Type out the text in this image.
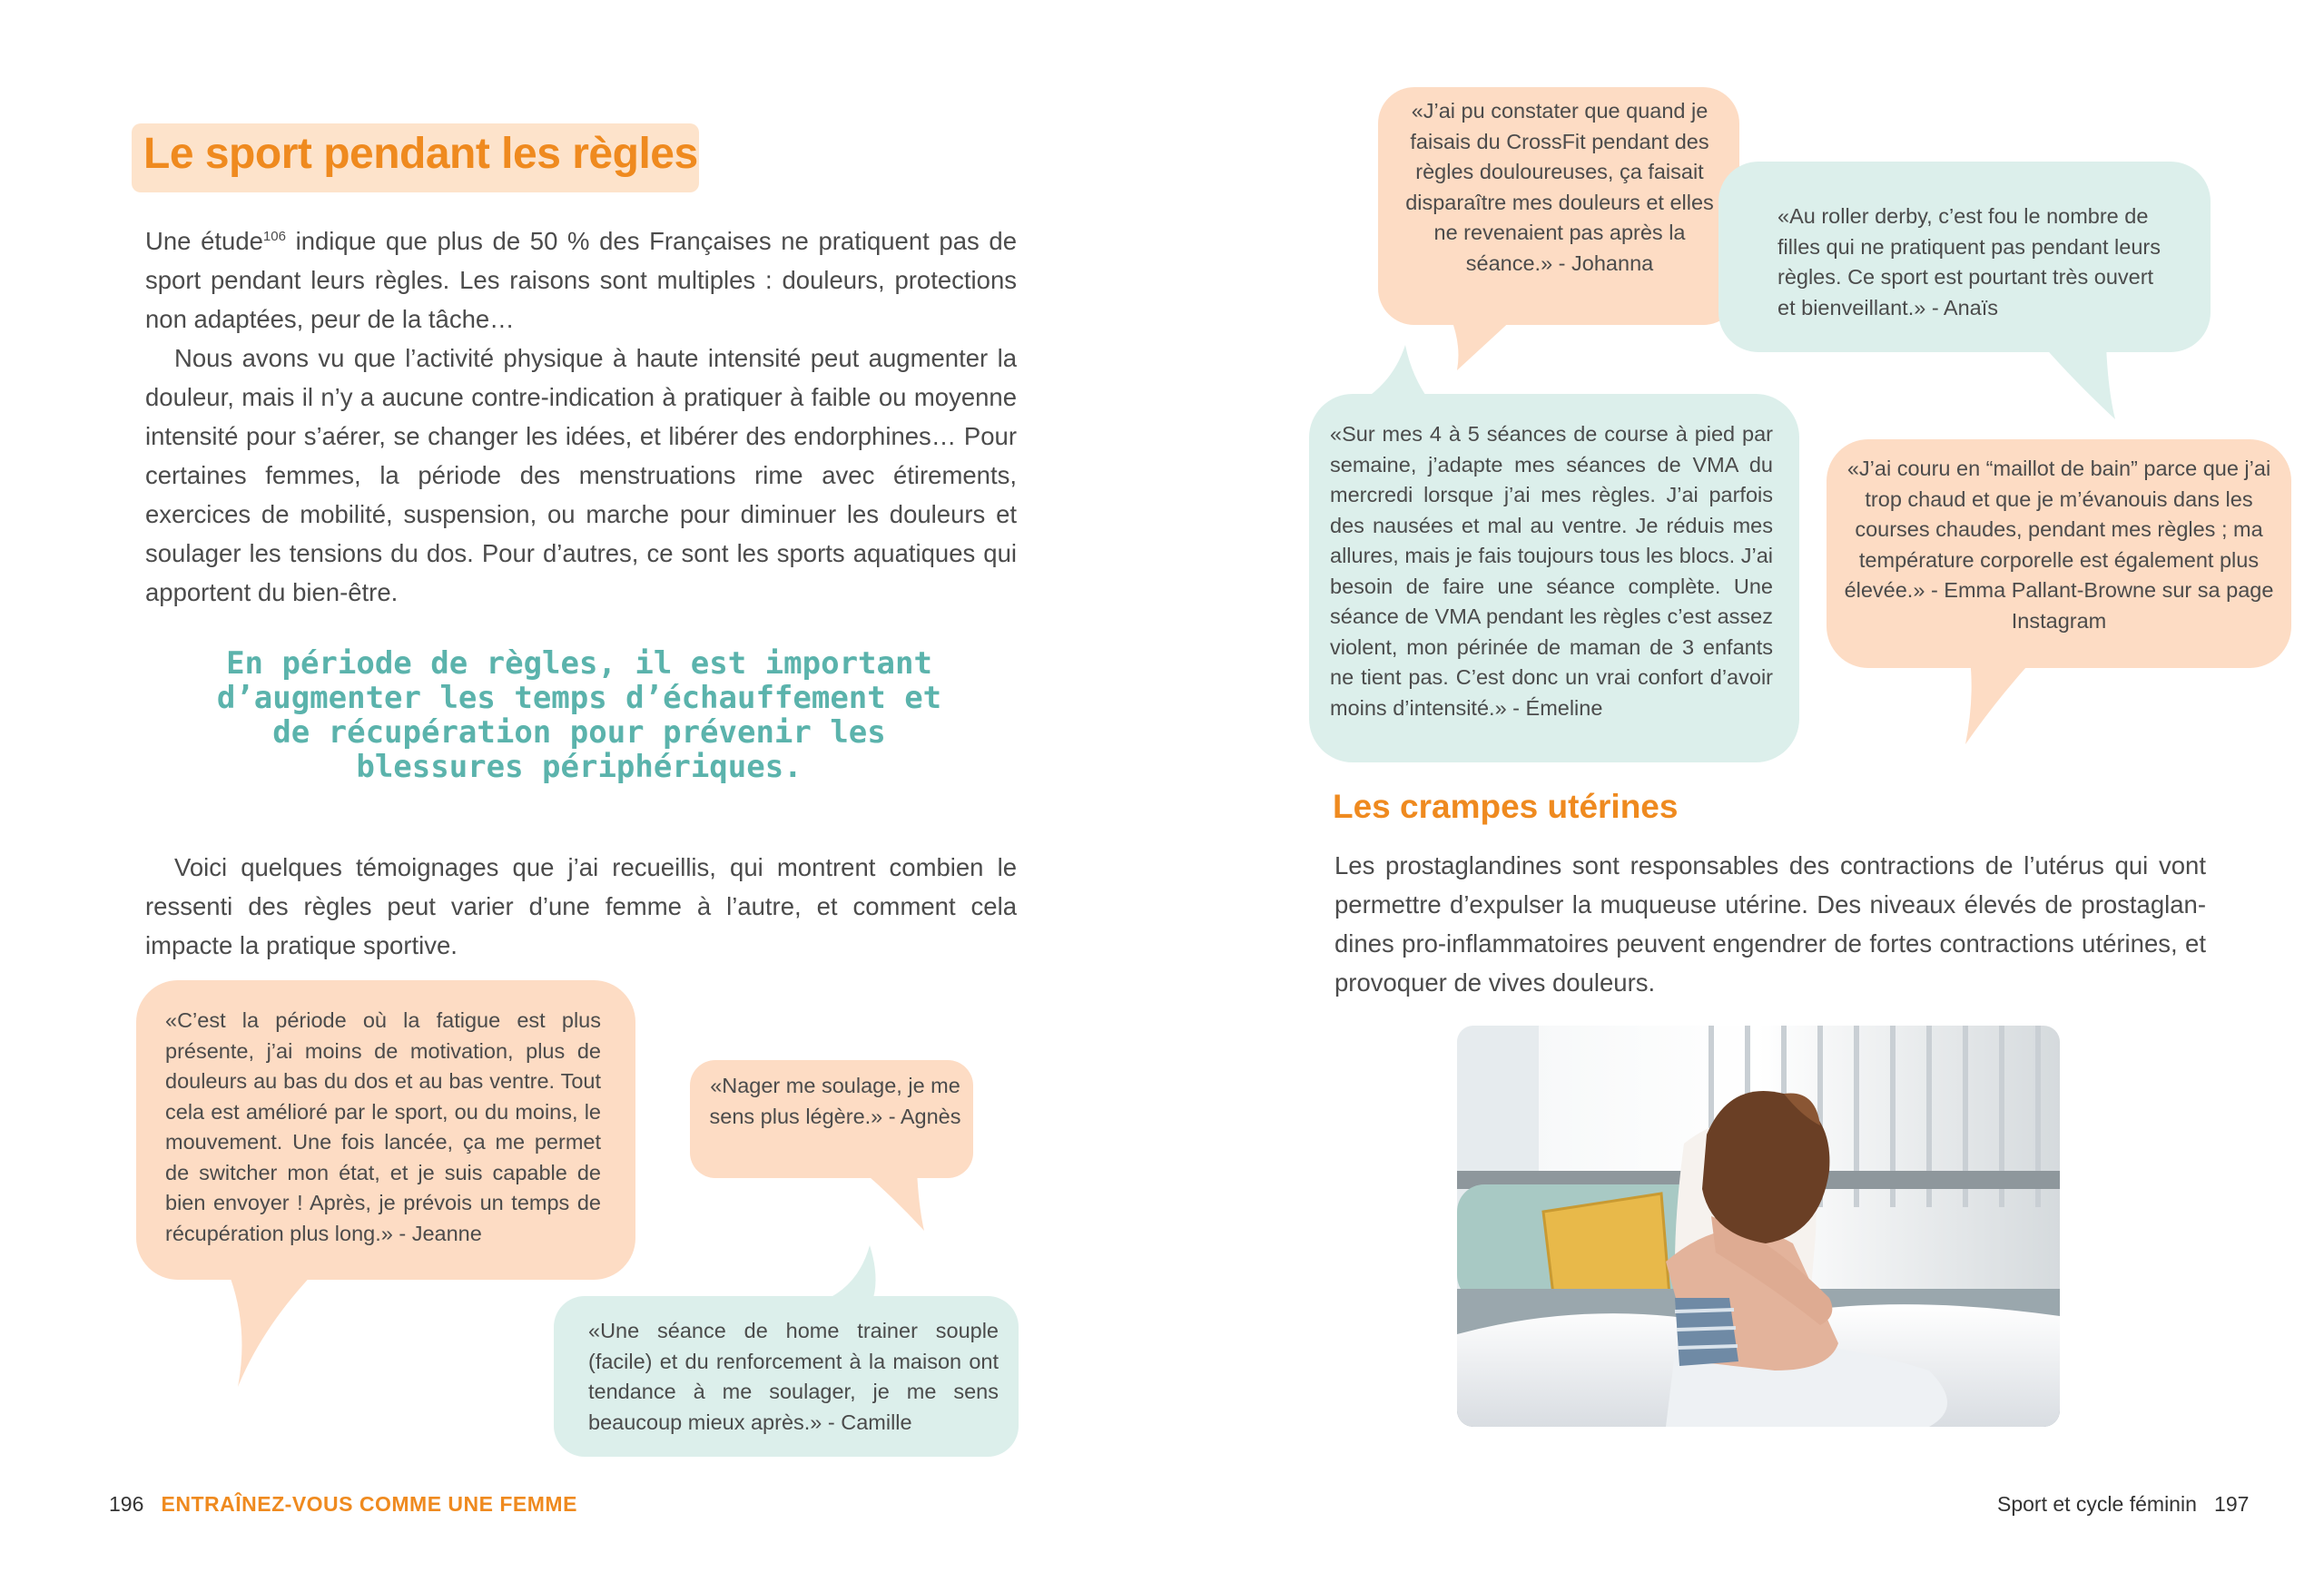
Le sport pendant les règles

Une étude$^{106}$ indique que plus de 50 % des Françaises ne pratiquent pas de sport pendant leurs règles. Les raisons sont multiples : douleurs, protections non adaptées, peur de la tâche…

Nous avons vu que l’activité physique à haute intensité peut augmenter la douleur, mais il n’y a aucune contre-indication à pratiquer à faible ou moyenne intensité pour s’aérer, se changer les idées, et libérer des endorphines… Pour certaines femmes, la période des menstruations rime avec étirements, exercices de mobilité, suspension, ou marche pour diminuer les douleurs et soulager les tensions du dos. Pour d’autres, ce sont les sports aquatiques qui apportent du bien-être.

En période de règles, il est important d’augmenter les temps d’échauffement et de récupération pour prévenir les blessures périphériques.
Voici quelques témoignages que j’ai recueillis, qui montrent combien le ressenti des règles peut varier d’une femme à l’autre, et comment cela impacte la pratique sportive.

«C’est la période où la fatigue est plus présente, j’ai moins de motivation, plus de douleurs au bas du dos et au bas ventre. Tout cela est amélioré par le sport, ou du moins, le mouvement. Une fois lancée, ça me permet de switcher mon état, et je suis capable de bien envoyer ! Après, je prévois un temps de récupération plus long.» - Jeanne

«Nager me soulage, je me sens plus légère.» - Agnès

«Une séance de home trainer souple (facile) et du renforcement à la maison ont tendance à me soulager, je me sens beaucoup mieux après.» - Camille

196 ENTRAÎNEZ-VOUS COMME UNE FEMME

«J’ai pu constater que quand je faisais du CrossFit pendant des règles douloureuses, ça faisait disparaître mes douleurs et elles ne revenaient pas après la séance.» - Johanna

«Au roller derby, c’est fou le nombre de filles qui ne pratiquent pas pendant leurs règles. Ce sport est pourtant très ouvert et bienveillant.» - Anaïs

«Sur mes 4 à 5 séances de course à pied par semaine, j’adapte mes séances de VMA du mercredi lorsque j’ai mes règles. J’ai parfois des nausées et mal au ventre. Je réduis mes allures, mais je fais toujours tous les blocs. J’ai besoin de faire une séance complète. Une séance de VMA pendant les règles c’est assez violent, mon périnée de maman de 3 enfants ne tient pas. C’est donc un vrai confort d’avoir moins d’intensité.» - Émeline

«J’ai couru en “maillot de bain” parce que j’ai trop chaud et que je m’évanouis dans les courses chaudes, pendant mes règles ; ma température corporelle est également plus élevée.» - Emma Pallant-Browne sur sa page Instagram

Les crampes utérines
Les prostaglandines sont responsables des contractions de l’utérus qui vont permettre d’expulser la muqueuse utérine. Des niveaux élevés de prostaglan-dines pro-inflammatoires peuvent engendrer de fortes contractions utérines, et provoquer de vives douleurs.
Sport et cycle féminin 197
